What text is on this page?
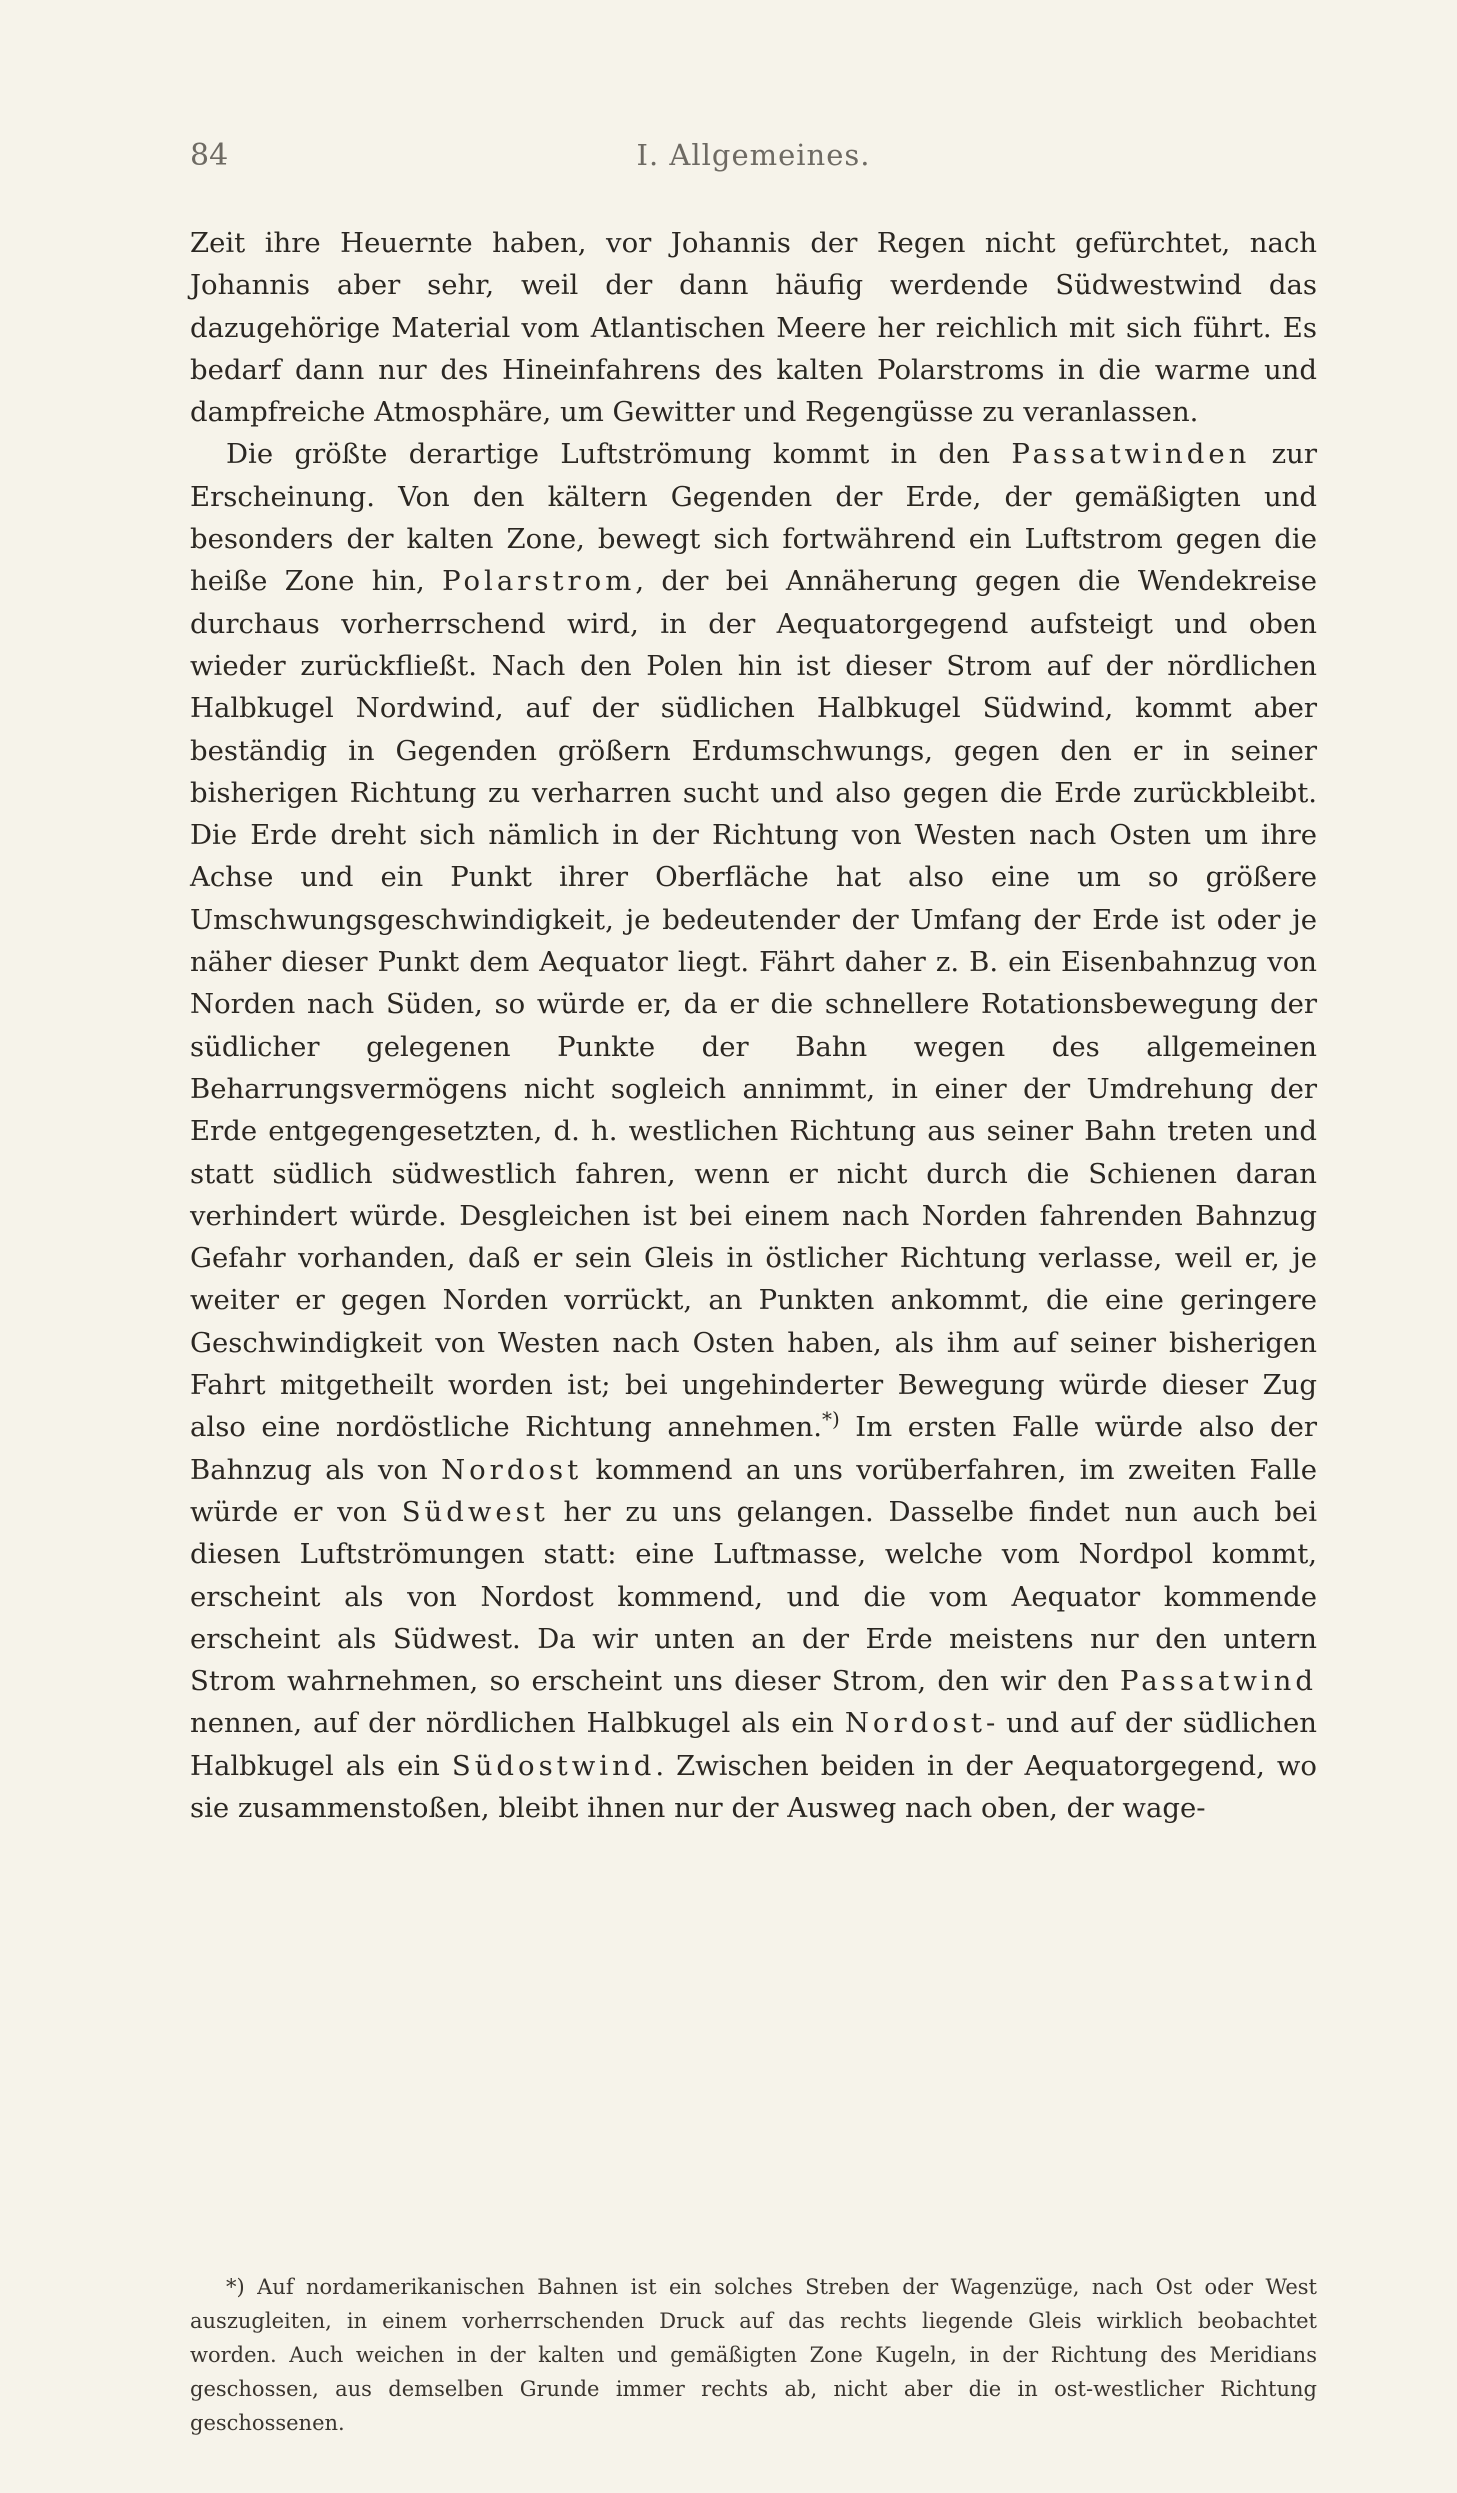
84	I. Allgemeines.

Zeit ihre Heuernte haben, vor Johannis der Regen nicht gefürchtet, nach Johannis aber sehr, weil der dann häufig werdende Südwestwind das dazugehörige Material vom Atlantischen Meere her reichlich mit sich führt. Es bedarf dann nur des Hineinfahrens des kalten Polarstroms in die warme und dampfreiche Atmosphäre, um Gewitter und Regengüsse zu veranlassen.

Die größte derartige Luftströmung kommt in den Passatwinden zur Erscheinung. Von den kältern Gegenden der Erde, der gemäßigten und besonders der kalten Zone, bewegt sich fortwährend ein Luftstrom gegen die heiße Zone hin, Polarstrom, der bei Annäherung gegen die Wendekreise durchaus vorherrschend wird, in der Aequatorgegend aufsteigt und oben wieder zurückfließt. Nach den Polen hin ist dieser Strom auf der nördlichen Halbkugel Nordwind, auf der südlichen Halbkugel Südwind, kommt aber beständig in Gegenden größern Erdumschwungs, gegen den er in seiner bisherigen Richtung zu verharren sucht und also gegen die Erde zurückbleibt. Die Erde dreht sich nämlich in der Richtung von Westen nach Osten um ihre Achse und ein Punkt ihrer Oberfläche hat also eine um so größere Umschwungsgeschwindigkeit, je bedeutender der Umfang der Erde ist oder je näher dieser Punkt dem Aequator liegt. Fährt daher z. B. ein Eisenbahnzug von Norden nach Süden, so würde er, da er die schnellere Rotationsbewegung der südlicher gelegenen Punkte der Bahn wegen des allgemeinen Beharrungsvermögens nicht sogleich annimmt, in einer der Umdrehung der Erde entgegengesetzten, d. h. westlichen Richtung aus seiner Bahn treten und statt südlich südwestlich fahren, wenn er nicht durch die Schienen daran verhindert würde. Desgleichen ist bei einem nach Norden fahrenden Bahnzug Gefahr vorhanden, daß er sein Gleis in östlicher Richtung verlasse, weil er, je weiter er gegen Norden vorrückt, an Punkten ankommt, die eine geringere Geschwindigkeit von Westen nach Osten haben, als ihm auf seiner bisherigen Fahrt mitgetheilt worden ist; bei ungehinderter Bewegung würde dieser Zug also eine nordöstliche Richtung annehmen.*) Im ersten Falle würde also der Bahnzug als von Nordost kommend an uns vorüberfahren, im zweiten Falle würde er von Südwest her zu uns gelangen. Dasselbe findet nun auch bei diesen Luftströmungen statt: eine Luftmasse, welche vom Nordpol kommt, erscheint als von Nordost kommend, und die vom Aequator kommende erscheint als Südwest. Da wir unten an der Erde meistens nur den untern Strom wahrnehmen, so erscheint uns dieser Strom, den wir den Passatwind nennen, auf der nördlichen Halbkugel als ein Nordost- und auf der südlichen Halbkugel als ein Südostwind. Zwischen beiden in der Aequatorgegend, wo sie zusammenstoßen, bleibt ihnen nur der Ausweg nach oben, der wage-

*) Auf nordamerikanischen Bahnen ist ein solches Streben der Wagenzüge, nach Ost oder West auszugleiten, in einem vorherrschenden Druck auf das rechts liegende Gleis wirklich beobachtet worden. Auch weichen in der kalten und gemäßigten Zone Kugeln, in der Richtung des Meridians geschossen, aus demselben Grunde immer rechts ab, nicht aber die in ost-westlicher Richtung geschossenen.
